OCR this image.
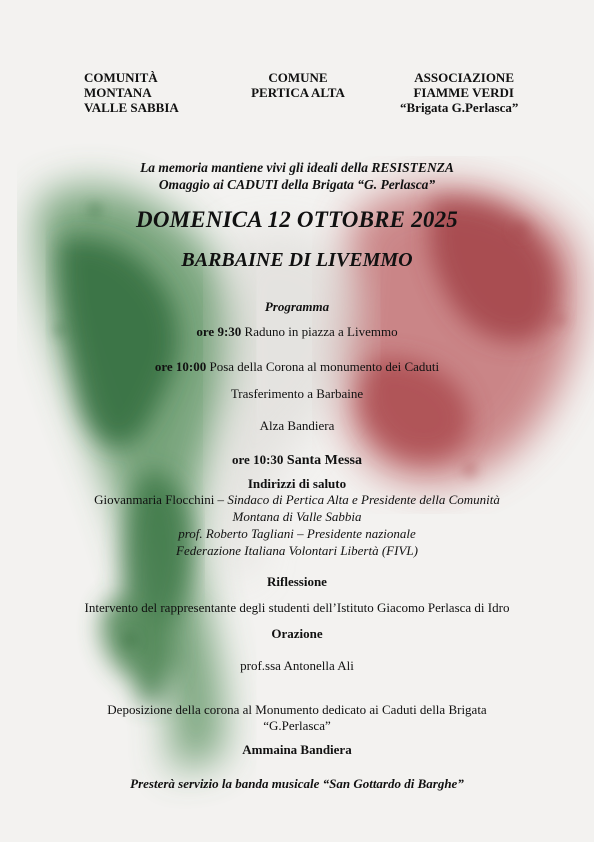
COMUNITÀ
MONTANA
VALLE SABBIA
COMUNE
PERTICA ALTA
ASSOCIAZIONE
FIAMME VERDI
“Brigata G.Perlasca”
La memoria mantiene vivi gli ideali della RESISTENZA
Omaggio ai CADUTI della Brigata “G. Perlasca”
DOMENICA 12 OTTOBRE 2025
BARBAINE DI LIVEMMO
Programma
ore 9:30 Raduno in piazza a Livemmo
ore 10:00 Posa della Corona al monumento dei Caduti
Trasferimento a Barbaine
Alza Bandiera
ore 10:30 Santa Messa
Indirizzi di saluto
Giovanmaria Flocchini – Sindaco di Pertica Alta e Presidente della Comunità
Montana di Valle Sabbia
prof. Roberto Tagliani – Presidente nazionale
Federazione Italiana Volontari Libertà (FIVL)
Riflessione
Intervento del rappresentante degli studenti dell’Istituto Giacomo Perlasca di Idro
Orazione
prof.ssa Antonella Ali
Deposizione della corona al Monumento dedicato ai Caduti della Brigata
“G.Perlasca”
Ammaina Bandiera
Presterà servizio la banda musicale “San Gottardo di Barghe”
